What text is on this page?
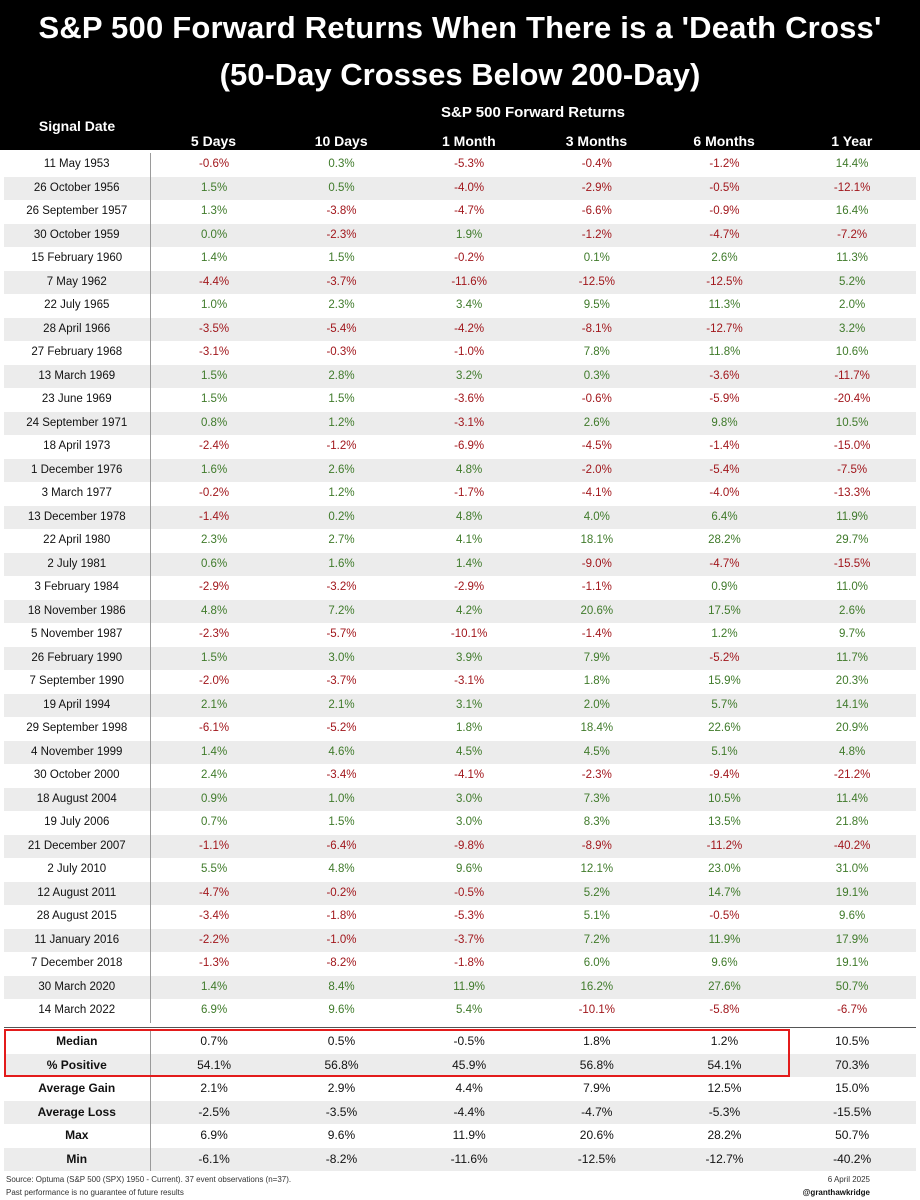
S&P 500 Forward Returns When There is a 'Death Cross'
(50-Day Crosses Below 200-Day)
Signal Date
S&P 500 Forward Returns
5 Days	10 Days	1 Month	3 Months	6 Months	1 Year
11 May 1953	-0.6%	0.3%	-5.3%	-0.4%	-1.2%	14.4%
26 October 1956	1.5%	0.5%	-4.0%	-2.9%	-0.5%	-12.1%
26 September 1957	1.3%	-3.8%	-4.7%	-6.6%	-0.9%	16.4%
30 October 1959	0.0%	-2.3%	1.9%	-1.2%	-4.7%	-7.2%
15 February 1960	1.4%	1.5%	-0.2%	0.1%	2.6%	11.3%
7 May 1962	-4.4%	-3.7%	-11.6%	-12.5%	-12.5%	5.2%
22 July 1965	1.0%	2.3%	3.4%	9.5%	11.3%	2.0%
28 April 1966	-3.5%	-5.4%	-4.2%	-8.1%	-12.7%	3.2%
27 February 1968	-3.1%	-0.3%	-1.0%	7.8%	11.8%	10.6%
13 March 1969	1.5%	2.8%	3.2%	0.3%	-3.6%	-11.7%
23 June 1969	1.5%	1.5%	-3.6%	-0.6%	-5.9%	-20.4%
24 September 1971	0.8%	1.2%	-3.1%	2.6%	9.8%	10.5%
18 April 1973	-2.4%	-1.2%	-6.9%	-4.5%	-1.4%	-15.0%
1 December 1976	1.6%	2.6%	4.8%	-2.0%	-5.4%	-7.5%
3 March 1977	-0.2%	1.2%	-1.7%	-4.1%	-4.0%	-13.3%
13 December 1978	-1.4%	0.2%	4.8%	4.0%	6.4%	11.9%
22 April 1980	2.3%	2.7%	4.1%	18.1%	28.2%	29.7%
2 July 1981	0.6%	1.6%	1.4%	-9.0%	-4.7%	-15.5%
3 February 1984	-2.9%	-3.2%	-2.9%	-1.1%	0.9%	11.0%
18 November 1986	4.8%	7.2%	4.2%	20.6%	17.5%	2.6%
5 November 1987	-2.3%	-5.7%	-10.1%	-1.4%	1.2%	9.7%
26 February 1990	1.5%	3.0%	3.9%	7.9%	-5.2%	11.7%
7 September 1990	-2.0%	-3.7%	-3.1%	1.8%	15.9%	20.3%
19 April 1994	2.1%	2.1%	3.1%	2.0%	5.7%	14.1%
29 September 1998	-6.1%	-5.2%	1.8%	18.4%	22.6%	20.9%
4 November 1999	1.4%	4.6%	4.5%	4.5%	5.1%	4.8%
30 October 2000	2.4%	-3.4%	-4.1%	-2.3%	-9.4%	-21.2%
18 August 2004	0.9%	1.0%	3.0%	7.3%	10.5%	11.4%
19 July 2006	0.7%	1.5%	3.0%	8.3%	13.5%	21.8%
21 December 2007	-1.1%	-6.4%	-9.8%	-8.9%	-11.2%	-40.2%
2 July 2010	5.5%	4.8%	9.6%	12.1%	23.0%	31.0%
12 August 2011	-4.7%	-0.2%	-0.5%	5.2%	14.7%	19.1%
28 August 2015	-3.4%	-1.8%	-5.3%	5.1%	-0.5%	9.6%
11 January 2016	-2.2%	-1.0%	-3.7%	7.2%	11.9%	17.9%
7 December 2018	-1.3%	-8.2%	-1.8%	6.0%	9.6%	19.1%
30 March 2020	1.4%	8.4%	11.9%	16.2%	27.6%	50.7%
14 March 2022	6.9%	9.6%	5.4%	-10.1%	-5.8%	-6.7%
Median	0.7%	0.5%	-0.5%	1.8%	1.2%	10.5%
% Positive	54.1%	56.8%	45.9%	56.8%	54.1%	70.3%
Average Gain	2.1%	2.9%	4.4%	7.9%	12.5%	15.0%
Average Loss	-2.5%	-3.5%	-4.4%	-4.7%	-5.3%	-15.5%
Max	6.9%	9.6%	11.9%	20.6%	28.2%	50.7%
Min	-6.1%	-8.2%	-11.6%	-12.5%	-12.7%	-40.2%
Source: Optuma (S&P 500 (SPX) 1950 - Current). 37 event observations (n=37).
Past performance is no guarantee of future results
6 April 2025
@granthawkridge
